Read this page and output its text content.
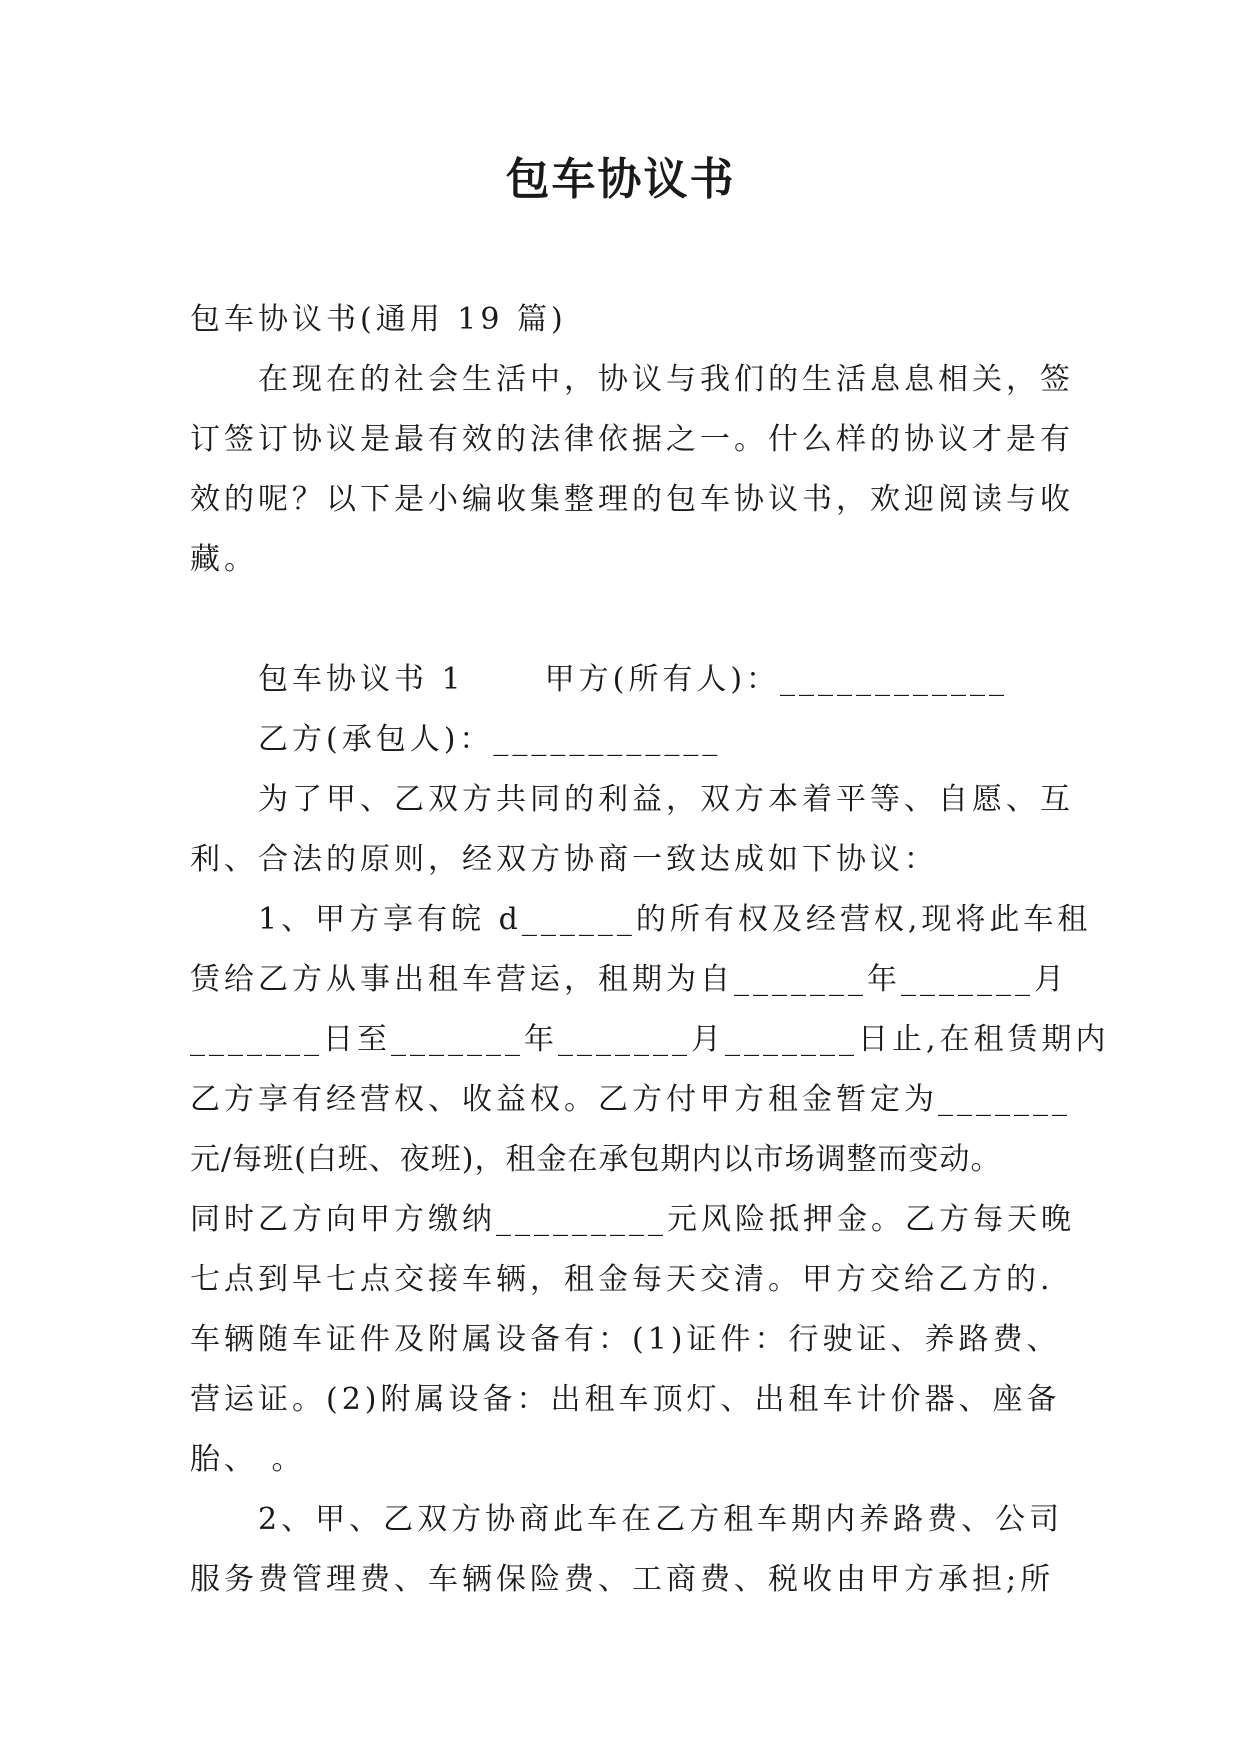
包车协议书
包车协议书(通用 19 篇)
在现在的社会生活中，协议与我们的生活息息相关，签
订签订协议是最有效的法律依据之一。什么样的协议才是有
效的呢？以下是小编收集整理的包车协议书，欢迎阅读与收
藏。
包车协议书 1	甲方(所有人)：____________
乙方(承包人)：____________
为了甲、乙双方共同的利益，双方本着平等、自愿、互
利、合法的原则，经双方协商一致达成如下协议：
1、甲方享有皖 d______的所有权及经营权,现将此车租
赁给乙方从事出租车营运，租期为自_______年_______月
_______日至_______年_______月_______日止,在租赁期内
乙方享有经营权、收益权。乙方付甲方租金暂定为_______
元/每班(白班、夜班)，租金在承包期内以市场调整而变动。
同时乙方向甲方缴纳_________元风险抵押金。乙方每天晚
七点到早七点交接车辆，租金每天交清。甲方交给乙方的.
车辆随车证件及附属设备有：(1)证件：行驶证、养路费、
营运证。(2)附属设备：出租车顶灯、出租车计价器、座备
胎、 。
2、甲、乙双方协商此车在乙方租车期内养路费、公司
服务费管理费、车辆保险费、工商费、税收由甲方承担;所
